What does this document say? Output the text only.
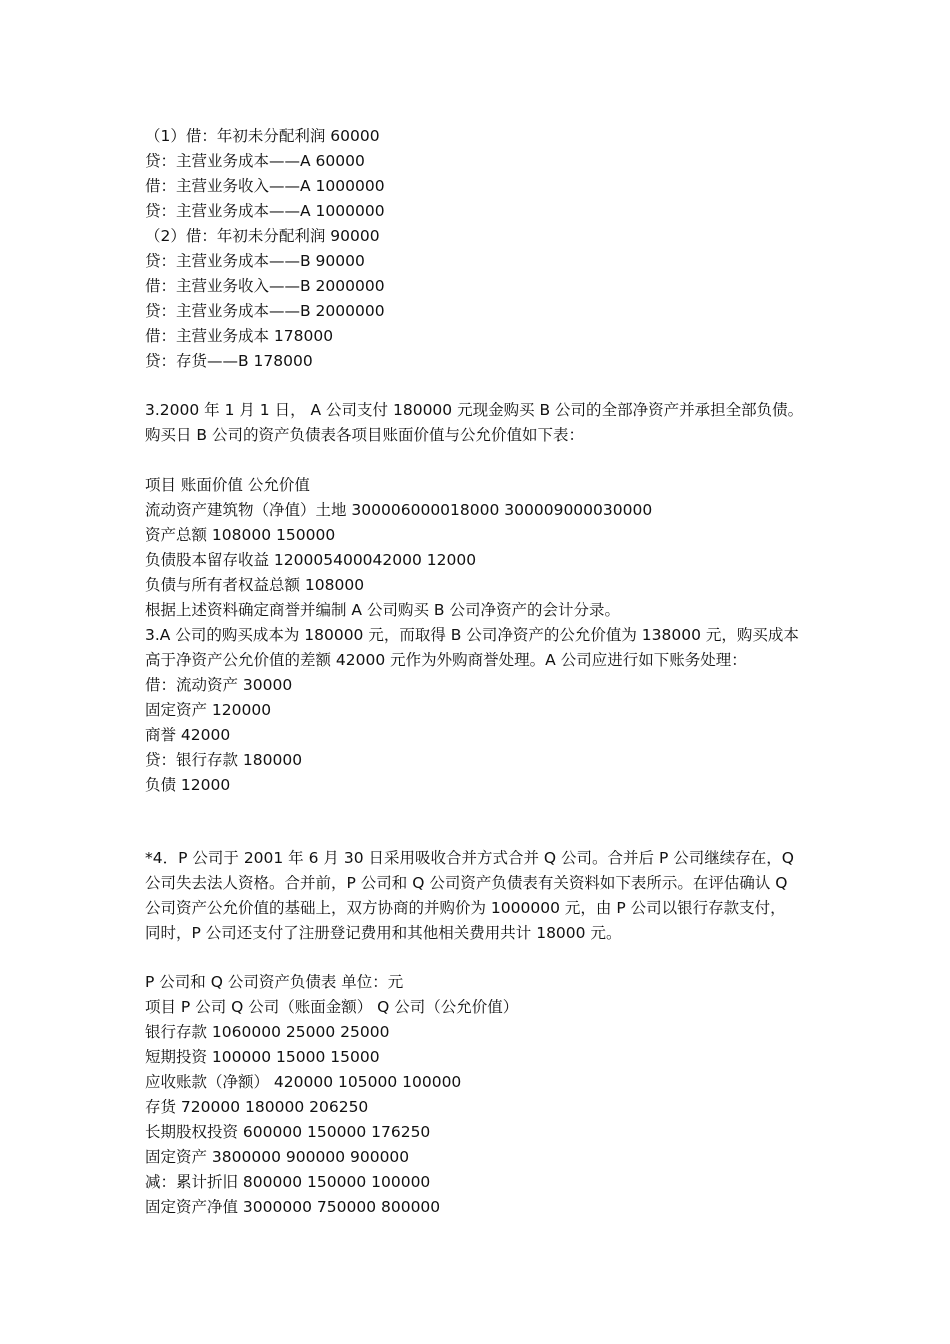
（1）借：年初未分配利润 60000
贷：主营业务成本——A 60000
借：主营业务收入——A 1000000
贷：主营业务成本——A 1000000
（2）借：年初未分配利润 90000
贷：主营业务成本——B 90000
借：主营业务收入——B 2000000
贷：主营业务成本——B 2000000
借：主营业务成本 178000
贷：存货——B 178000
3.2000 年 1 月 1 日， A 公司支付 180000 元现金购买 B 公司的全部净资产并承担全部负债。
购买日 B 公司的资产负债表各项目账面价值与公允价值如下表：
项目 账面价值 公允价值
流动资产建筑物（净值）土地 300006000018000 300009000030000
资产总额 108000 150000
负债股本留存收益 120005400042000 12000
负债与所有者权益总额 108000
根据上述资料确定商誉并编制 A 公司购买 B 公司净资产的会计分录。
3.A 公司的购买成本为 180000 元，而取得 B 公司净资产的公允价值为 138000 元，购买成本
高于净资产公允价值的差额 42000 元作为外购商誉处理。A 公司应进行如下账务处理：
借：流动资产 30000
固定资产 120000
商誉 42000
贷：银行存款 180000
负债 12000
*4．P 公司于 2001 年 6 月 30 日采用吸收合并方式合并 Q 公司。合并后 P 公司继续存在，Q
公司失去法人资格。合并前，P 公司和 Q 公司资产负债表有关资料如下表所示。在评估确认 Q
公司资产公允价值的基础上，双方协商的并购价为 1000000 元，由 P 公司以银行存款支付，
同时，P 公司还支付了注册登记费用和其他相关费用共计 18000 元。
P 公司和 Q 公司资产负债表 单位：元
项目 P 公司 Q 公司（账面金额） Q 公司（公允价值）
银行存款 1060000 25000 25000
短期投资 100000 15000 15000
应收账款（净额） 420000 105000 100000
存货 720000 180000 206250
长期股权投资 600000 150000 176250
固定资产 3800000 900000 900000
减：累计折旧 800000 150000 100000
固定资产净值 3000000 750000 800000
